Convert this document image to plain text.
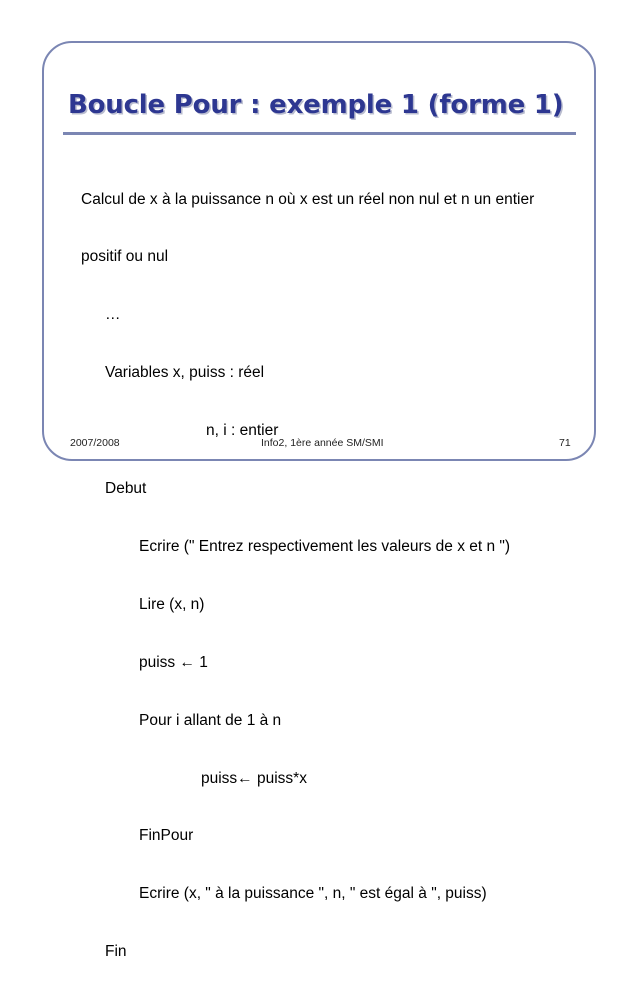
Boucle Pour : exemple 1 (forme 1)

Calcul de x à la puissance n où x est un réel non nul et n un entier

positif ou nul

…

Variables x, puiss : réel

n, i : entier

Debut

Ecrire (" Entrez respectivement les valeurs de x et n ")

Lire (x, n)

puiss ← 1

Pour i allant de 1 à n

puiss← puiss*x

FinPour

Ecrire (x, " à la puissance ", n, " est égal à ", puiss)

Fin

2007/2008	Info2, 1ère année SM/SMI	71
